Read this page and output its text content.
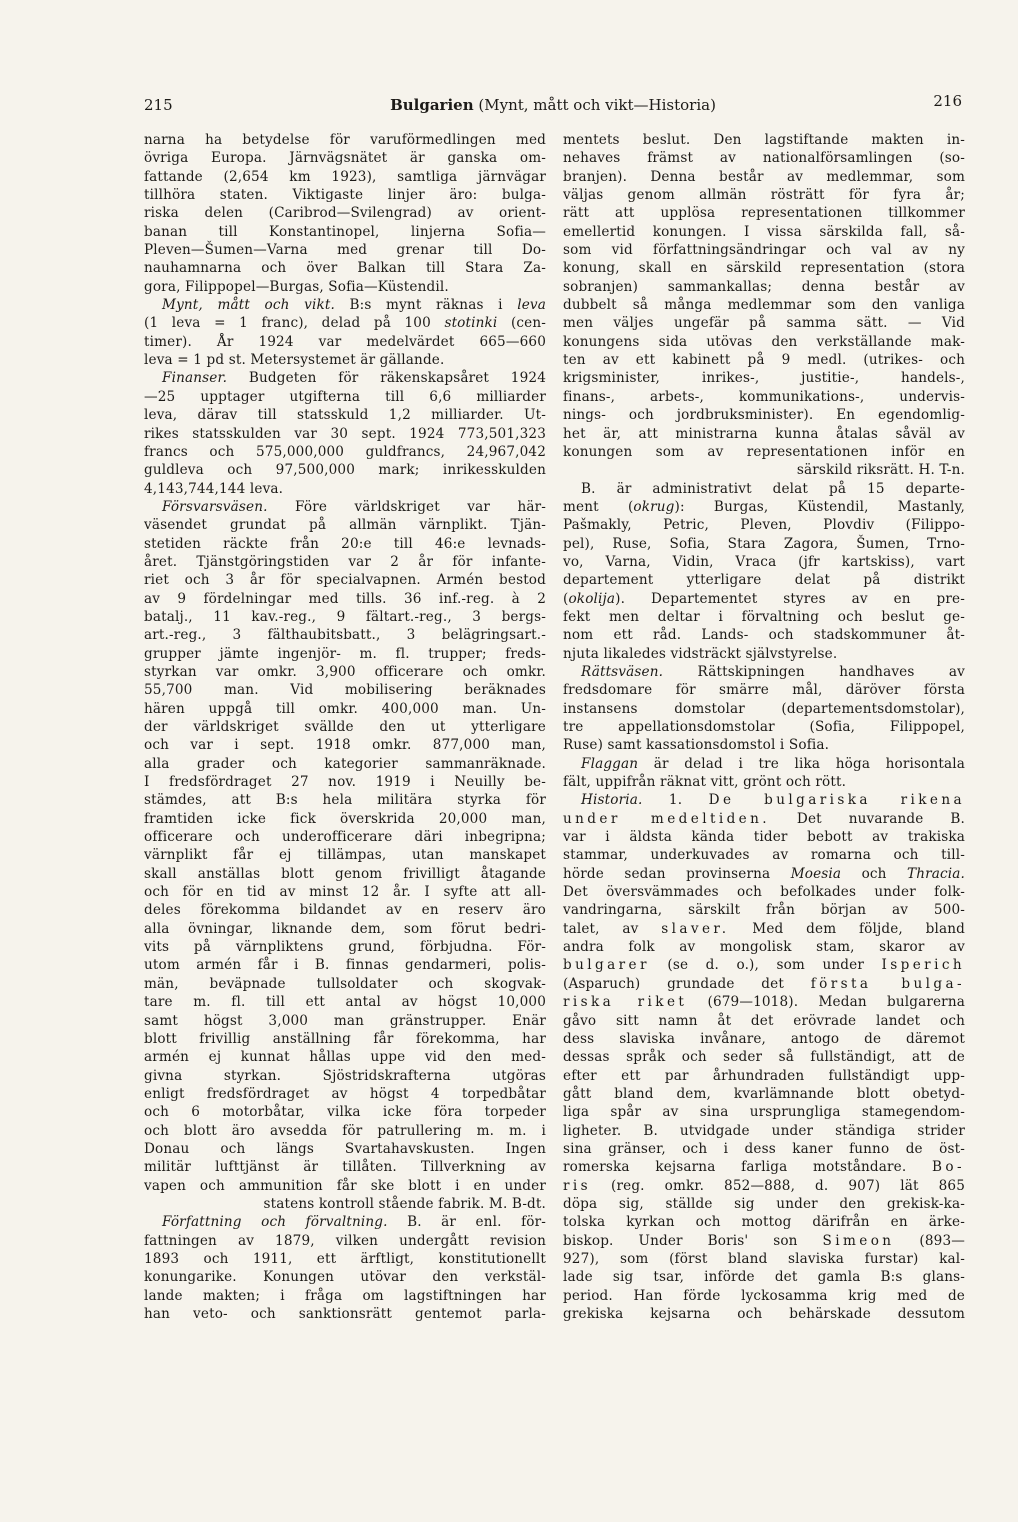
215	Bulgarien (Mynt, mått och vikt—Historia)	216
narna ha betydelse för varuförmedlingen med
övriga Europa. Järnvägsnätet är ganska om-
fattande (2,654 km 1923), samtliga järnvägar
tillhöra staten. Viktigaste linjer äro: bulga-
riska delen (Caribrod—Svilengrad) av orient-
banan till Konstantinopel, linjerna Sofia—
Pleven—Šumen—Varna med grenar till Do-
nauhamnarna och över Balkan till Stara Za-
gora, Filippopel—Burgas, Sofia—Küstendil.
Mynt, mått och vikt. B:s mynt räknas i leva
(1 leva = 1 franc), delad på 100 stotinki (cen-
timer). År 1924 var medelvärdet 665—660
leva = 1 pd st. Metersystemet är gällande.
Finanser. Budgeten för räkenskapsåret 1924
—25 upptager utgifterna till 6,6 milliarder
leva, därav till statsskuld 1,2 milliarder. Ut-
rikes statsskulden var 30 sept. 1924 773,501,323
francs och 575,000,000 guldfrancs, 24,967,042
guldleva och 97,500,000 mark; inrikesskulden
4,143,744,144 leva.
Försvarsväsen. Före världskriget var här-
väsendet grundat på allmän värnplikt. Tjän-
stetiden räckte från 20:e till 46:e levnads-
året. Tjänstgöringstiden var 2 år för infante-
riet och 3 år för specialvapnen. Armén bestod
av 9 fördelningar med tills. 36 inf.-reg. à 2
batalj., 11 kav.-reg., 9 fältart.-reg., 3 bergs-
art.-reg., 3 fälthaubitsbatt., 3 belägringsart.-
grupper jämte ingenjör- m. fl. trupper; freds-
styrkan var omkr. 3,900 officerare och omkr.
55,700 man. Vid mobilisering beräknades
hären uppgå till omkr. 400,000 man. Un-
der världskriget svällde den ut ytterligare
och var i sept. 1918 omkr. 877,000 man,
alla grader och kategorier sammanräknade.
I fredsfördraget 27 nov. 1919 i Neuilly be-
stämdes, att B:s hela militära styrka för
framtiden icke fick överskrida 20,000 man,
officerare och underofficerare däri inbegripna;
värnplikt får ej tillämpas, utan manskapet
skall anställas blott genom frivilligt åtagande
och för en tid av minst 12 år. I syfte att all-
deles förekomma bildandet av en reserv äro
alla övningar, liknande dem, som förut bedri-
vits på värnpliktens grund, förbjudna. För-
utom armén får i B. finnas gendarmeri, polis-
män, beväpnade tullsoldater och skogvak-
tare m. fl. till ett antal av högst 10,000
samt högst 3,000 man gränstrupper. Enär
blott frivillig anställning får förekomma, har
armén ej kunnat hållas uppe vid den med-
givna styrkan. Sjöstridskrafterna utgöras
enligt fredsfördraget av högst 4 torpedbåtar
och 6 motorbåtar, vilka icke föra torpeder
och blott äro avsedda för patrullering m. m. i
Donau och längs Svartahavskusten. Ingen
militär lufttjänst är tillåten. Tillverkning av
vapen och ammunition får ske blott i en under
statens kontroll stående fabrik. M. B-dt.
Författning och förvaltning. B. är enl. för-
fattningen av 1879, vilken undergått revision
1893 och 1911, ett ärftligt, konstitutionellt
konungarike. Konungen utövar den verkstäl-
lande makten; i fråga om lagstiftningen har
han veto- och sanktionsrätt gentemot parla-
mentets beslut. Den lagstiftande makten in-
nehaves främst av nationalförsamlingen (so-
branjen). Denna består av medlemmar, som
väljas genom allmän rösträtt för fyra år;
rätt att upplösa representationen tillkommer
emellertid konungen. I vissa särskilda fall, så-
som vid författningsändringar och val av ny
konung, skall en särskild representation (stora
sobranjen) sammankallas; denna består av
dubbelt så många medlemmar som den vanliga
men väljes ungefär på samma sätt. — Vid
konungens sida utövas den verkställande mak-
ten av ett kabinett på 9 medl. (utrikes- och
krigsminister, inrikes-, justitie-, handels-,
finans-, arbets-, kommunikations-, undervis-
nings- och jordbruksminister). En egendomlig-
het är, att ministrarna kunna åtalas såväl av
konungen som av representationen inför en
särskild riksrätt. H. T-n.
B. är administrativt delat på 15 departe-
ment (okrug): Burgas, Küstendil, Mastanly,
Pašmakly, Petric, Pleven, Plovdiv (Filippo-
pel), Ruse, Sofia, Stara Zagora, Šumen, Trno-
vo, Varna, Vidin, Vraca (jfr kartskiss), vart
departement ytterligare delat på distrikt
(okolija). Departementet styres av en pre-
fekt men deltar i förvaltning och beslut ge-
nom ett råd. Lands- och stadskommuner åt-
njuta likaledes vidsträckt självstyrelse.
Rättsväsen. Rättskipningen handhaves av
fredsdomare för smärre mål, däröver första
instansens domstolar (departementsdomstolar),
tre appellationsdomstolar (Sofia, Filippopel,
Ruse) samt kassationsdomstol i Sofia.
Flaggan är delad i tre lika höga horisontala
fält, uppifrån räknat vitt, grönt och rött.
Historia. 1. De bulgariska rikena
under medeltiden. Det nuvarande B.
var i äldsta kända tider bebott av trakiska
stammar, underkuvades av romarna och till-
hörde sedan provinserna Moesia och Thracia.
Det översvämmades och befolkades under folk-
vandringarna, särskilt från början av 500-
talet, av slaver. Med dem följde, bland
andra folk av mongolisk stam, skaror av
bulgarer (se d. o.), som under Isperich
(Asparuch) grundade det första bulga-
riska riket (679—1018). Medan bulgarerna
gåvo sitt namn åt det erövrade landet och
dess slaviska invånare, antogo de däremot
dessas språk och seder så fullständigt, att de
efter ett par århundraden fullständigt upp-
gått bland dem, kvarlämnande blott obetyd-
liga spår av sina ursprungliga stamegendom-
ligheter. B. utvidgade under ständiga strider
sina gränser, och i dess kaner funno de öst-
romerska kejsarna farliga motståndare. Bo-
ris (reg. omkr. 852—888, d. 907) lät 865
döpa sig, ställde sig under den grekisk-ka-
tolska kyrkan och mottog därifrån en ärke-
biskop. Under Boris' son Simeon (893—
927), som (först bland slaviska furstar) kal-
lade sig tsar, införde det gamla B:s glans-
period. Han förde lyckosamma krig med de
grekiska kejsarna och behärskade dessutom
